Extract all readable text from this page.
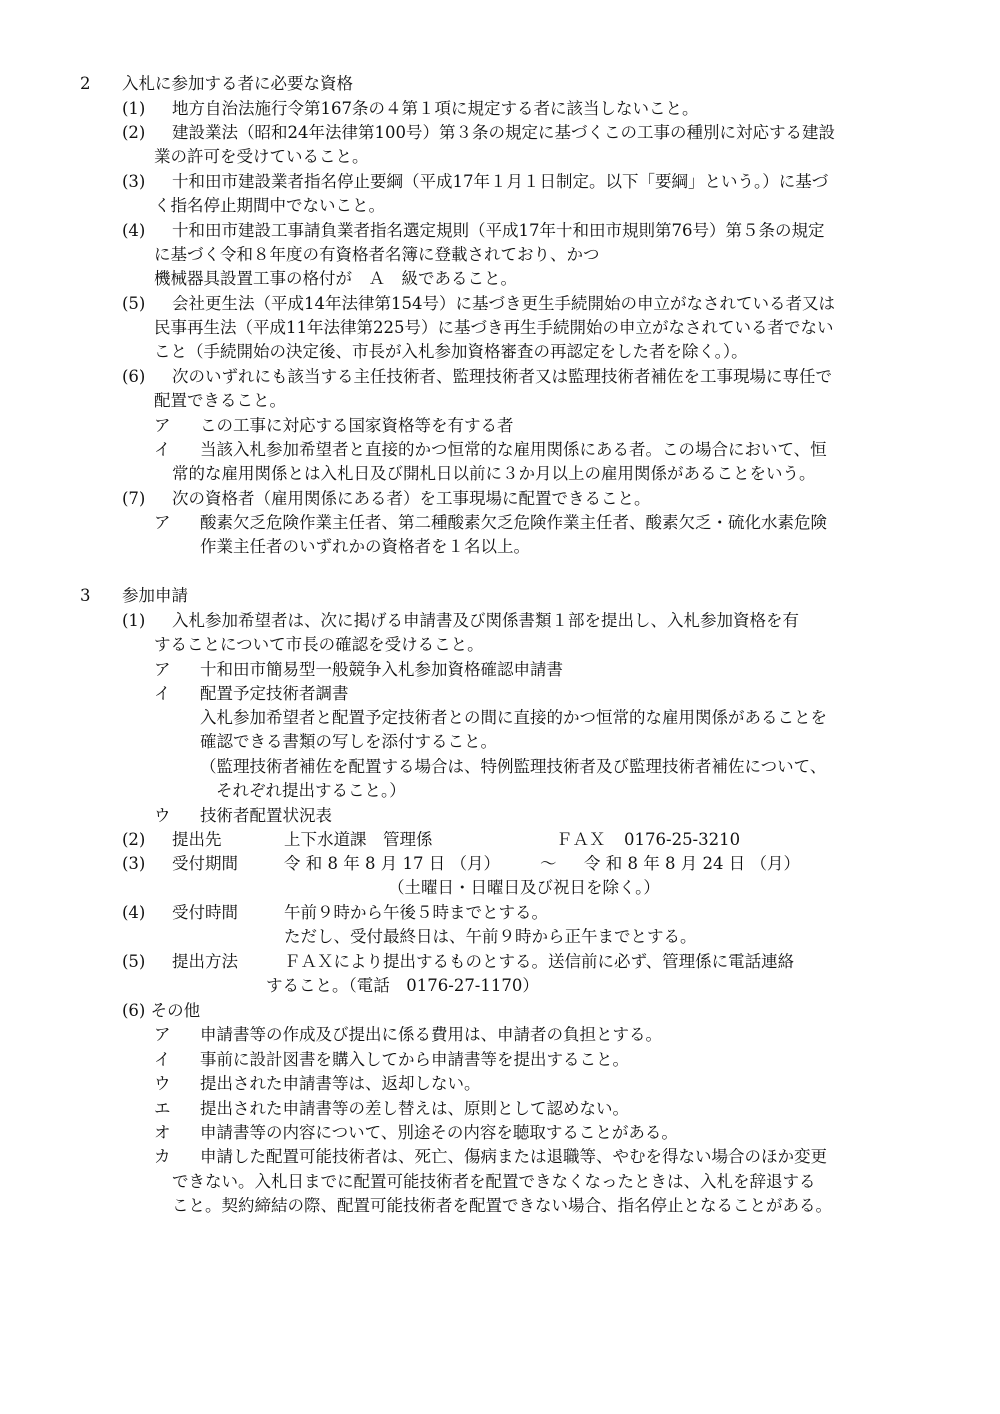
2 入札に参加する者に必要な資格
(1) 地方自治法施行令第167条の４第１項に規定する者に該当しないこと。
(2) 建設業法（昭和24年法律第100号）第３条の規定に基づくこの工事の種別に対応する建設
業の許可を受けていること。
(3) 十和田市建設業者指名停止要綱（平成17年１月１日制定。以下「要綱」という。）に基づ
く指名停止期間中でないこと。
(4) 十和田市建設工事請負業者指名選定規則（平成17年十和田市規則第76号）第５条の規定
に基づく令和８年度の有資格者名簿に登載されており、かつ
機械器具設置工事の格付が　Ａ　級であること。
(5) 会社更生法（平成14年法律第154号）に基づき更生手続開始の申立がなされている者又は
民事再生法（平成11年法律第225号）に基づき再生手続開始の申立がなされている者でない
こと（手続開始の決定後、市長が入札参加資格審査の再認定をした者を除く。）。
(6) 次のいずれにも該当する主任技術者、監理技術者又は監理技術者補佐を工事現場に専任で
配置できること。
ア この工事に対応する国家資格等を有する者
イ 当該入札参加希望者と直接的かつ恒常的な雇用関係にある者。この場合において、恒
常的な雇用関係とは入札日及び開札日以前に３か月以上の雇用関係があることをいう。
(7) 次の資格者（雇用関係にある者）を工事現場に配置できること。
ア 酸素欠乏危険作業主任者、第二種酸素欠乏危険作業主任者、酸素欠乏・硫化水素危険
作業主任者のいずれかの資格者を１名以上。
3 参加申請
(1) 入札参加希望者は、次に掲げる申請書及び関係書類１部を提出し、入札参加資格を有
することについて市長の確認を受けること。
ア 十和田市簡易型一般競争入札参加資格確認申請書
イ 配置予定技術者調書
入札参加希望者と配置予定技術者との間に直接的かつ恒常的な雇用関係があることを
確認できる書類の写しを添付すること。
（監理技術者補佐を配置する場合は、特例監理技術者及び監理技術者補佐について、
それぞれ提出すること。）
ウ 技術者配置状況表
(2) 提出先	上下水道課　管理係	ＦＡＸ 0176-25-3210
(3) 受付期間	令 和 8 年 8 月 17 日 （月） ～ 令 和 8 年 8 月 24 日 （月）
（土曜日・日曜日及び祝日を除く。）
(4) 受付時間	午前９時から午後５時までとする。
ただし、受付最終日は、午前９時から正午までとする。
(5) 提出方法	ＦＡＸにより提出するものとする。送信前に必ず、管理係に電話連絡
すること。（電話　0176-27-1170）
(6) その他
ア 申請書等の作成及び提出に係る費用は、申請者の負担とする。
イ 事前に設計図書を購入してから申請書等を提出すること。
ウ 提出された申請書等は、返却しない。
エ 提出された申請書等の差し替えは、原則として認めない。
オ 申請書等の内容について、別途その内容を聴取することがある。
カ 申請した配置可能技術者は、死亡、傷病または退職等、やむを得ない場合のほか変更
できない。入札日までに配置可能技術者を配置できなくなったときは、入札を辞退する
こと。契約締結の際、配置可能技術者を配置できない場合、指名停止となることがある。
